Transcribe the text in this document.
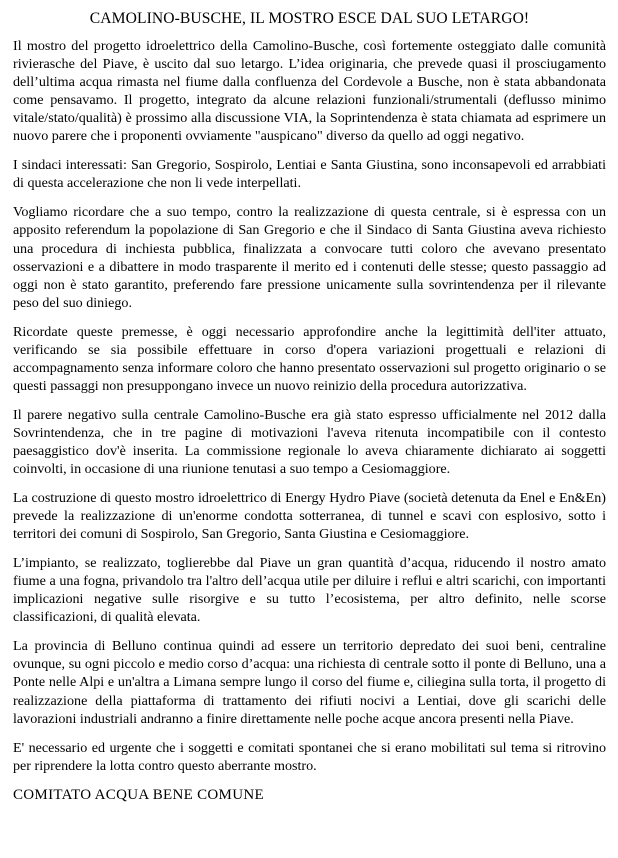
CAMOLINO-BUSCHE, IL MOSTRO ESCE DAL SUO LETARGO!

Il mostro del progetto idroelettrico della Camolino-Busche, così fortemente osteggiato dalle comunità rivierasche del Piave, è uscito dal suo letargo. L’idea originaria, che prevede quasi il prosciugamento dell’ultima acqua rimasta nel fiume dalla confluenza del Cordevole a Busche, non è stata abbandonata come pensavamo. Il progetto, integrato da alcune relazioni funzionali/strumentali (deflusso minimo vitale/stato/qualità) è prossimo alla discussione VIA, la Soprintendenza è stata chiamata ad esprimere un nuovo parere che i proponenti ovviamente "auspicano" diverso da quello ad oggi negativo.

I sindaci interessati: San Gregorio, Sospirolo, Lentiai e Santa Giustina, sono inconsapevoli ed arrabbiati di questa accelerazione che non li vede interpellati.

Vogliamo ricordare che a suo tempo, contro la realizzazione di questa centrale, si è espressa con un apposito referendum la popolazione di San Gregorio e che il Sindaco di Santa Giustina aveva richiesto una procedura di inchiesta pubblica, finalizzata a convocare tutti coloro che avevano presentato osservazioni e a dibattere in modo trasparente il merito ed i contenuti delle stesse; questo passaggio ad oggi non è stato garantito, preferendo fare pressione unicamente sulla sovrintendenza per il rilevante peso del suo diniego.

Ricordate queste premesse, è oggi necessario approfondire anche la legittimità dell'iter attuato, verificando se sia possibile effettuare in corso d'opera variazioni progettuali e relazioni di accompagnamento senza informare coloro che hanno presentato osservazioni sul progetto originario o se questi passaggi non presuppongano invece un nuovo reinizio della procedura autorizzativa.

Il parere negativo sulla centrale Camolino-Busche era già stato espresso ufficialmente nel 2012 dalla Sovrintendenza, che in tre pagine di motivazioni l'aveva ritenuta incompatibile con il contesto paesaggistico dov'è inserita. La commissione regionale lo aveva chiaramente dichiarato ai soggetti coinvolti, in occasione di una riunione tenutasi a suo tempo a Cesiomaggiore.

La costruzione di questo mostro idroelettrico di Energy Hydro Piave (società detenuta da Enel e En&En) prevede la realizzazione di un'enorme condotta sotterranea, di tunnel e scavi con esplosivo, sotto i territori dei comuni di Sospirolo, San Gregorio, Santa Giustina e Cesiomaggiore.

L’impianto, se realizzato, toglierebbe dal Piave un gran quantità d’acqua, riducendo il nostro amato fiume a una fogna, privandolo tra l'altro dell’acqua utile per diluire i reflui e altri scarichi, con importanti implicazioni negative sulle risorgive e su tutto l’ecosistema, per altro definito, nelle scorse classificazioni, di qualità elevata.

La provincia di Belluno continua quindi ad essere un territorio depredato dei suoi beni, centraline ovunque, su ogni piccolo e medio corso d’acqua: una richiesta di centrale sotto il ponte di Belluno, una a Ponte nelle Alpi e un'altra a Limana sempre lungo il corso del fiume e, ciliegina sulla torta, il progetto di realizzazione della piattaforma di trattamento dei rifiuti nocivi a Lentiai, dove gli scarichi delle lavorazioni industriali andranno a finire direttamente nelle poche acque ancora presenti nella Piave.

E' necessario ed urgente che i soggetti e comitati spontanei che si erano mobilitati sul tema si ritrovino per riprendere la lotta contro questo aberrante mostro.

COMITATO ACQUA BENE COMUNE
